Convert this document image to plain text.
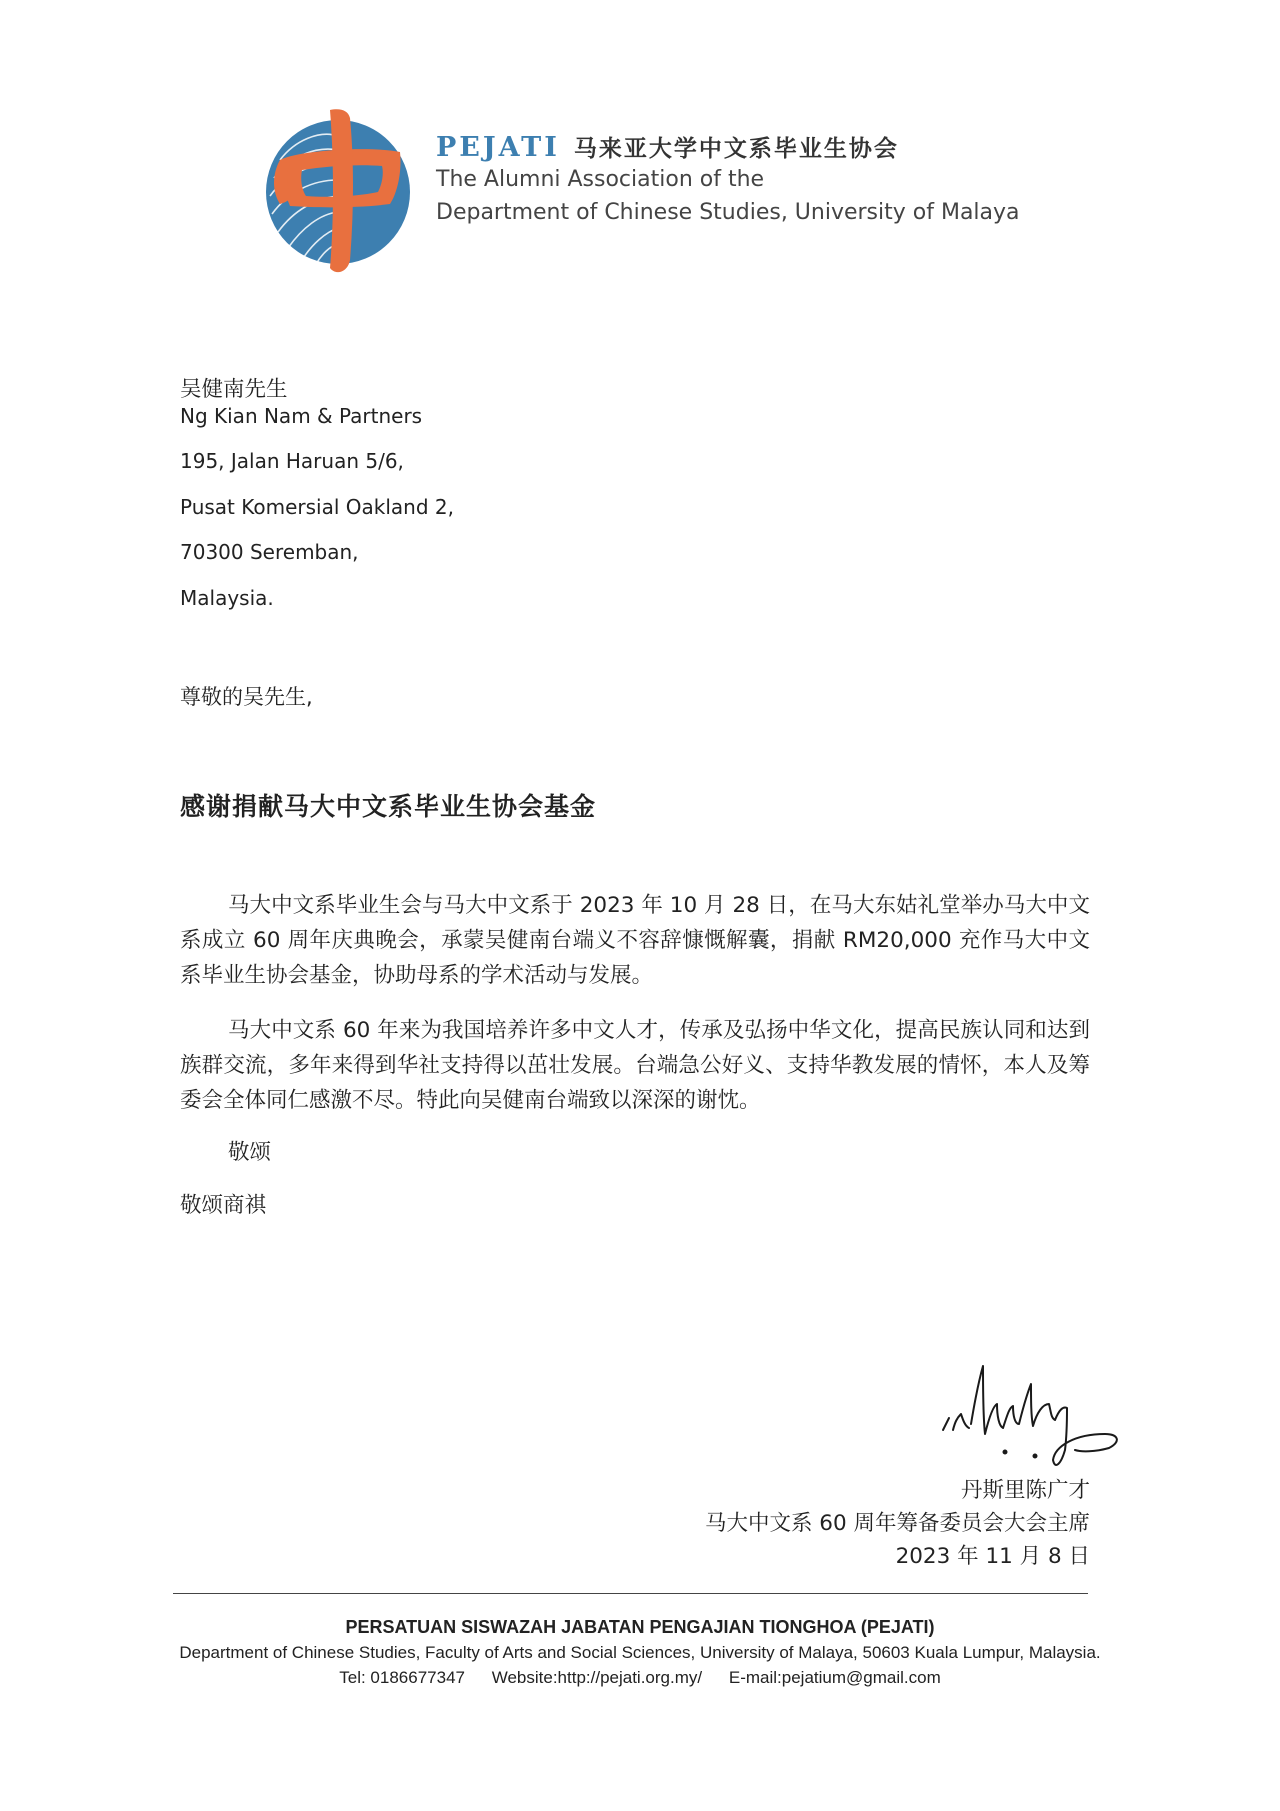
PEJATI 马来亚大学中文系毕业生协会
The Alumni Association of the
Department of Chinese Studies, University of Malaya
吴健南先生
Ng Kian Nam & Partners
195, Jalan Haruan 5/6,
Pusat Komersial Oakland 2,
70300 Seremban,
Malaysia.
尊敬的吴先生,
感谢捐献马大中文系毕业生协会基金
马大中文系毕业生会与马大中文系于 2023 年 10 月 28 日，在马大东姑礼堂举办马大中文系成立 60 周年庆典晚会，承蒙吴健南台端义不容辞慷慨解囊，捐献 RM20,000 充作马大中文系毕业生协会基金，协助母系的学术活动与发展。
马大中文系 60 年来为我国培养许多中文人才，传承及弘扬中华文化，提高民族认同和达到族群交流，多年来得到华社支持得以茁壮发展。台端急公好义、支持华教发展的情怀，本人及筹委会全体同仁感激不尽。特此向吴健南台端致以深深的谢忱。
敬颂
敬颂商祺
丹斯里陈广才
马大中文系 60 周年筹备委员会大会主席
2023 年 11 月 8 日
PERSATUAN SISWAZAH JABATAN PENGAJIAN TIONGHOA (PEJATI)
Department of Chinese Studies, Faculty of Arts and Social Sciences, University of Malaya, 50603 Kuala Lumpur, Malaysia.
Tel: 0186677347 Website:http://pejati.org.my/ E-mail:pejatium@gmail.com
